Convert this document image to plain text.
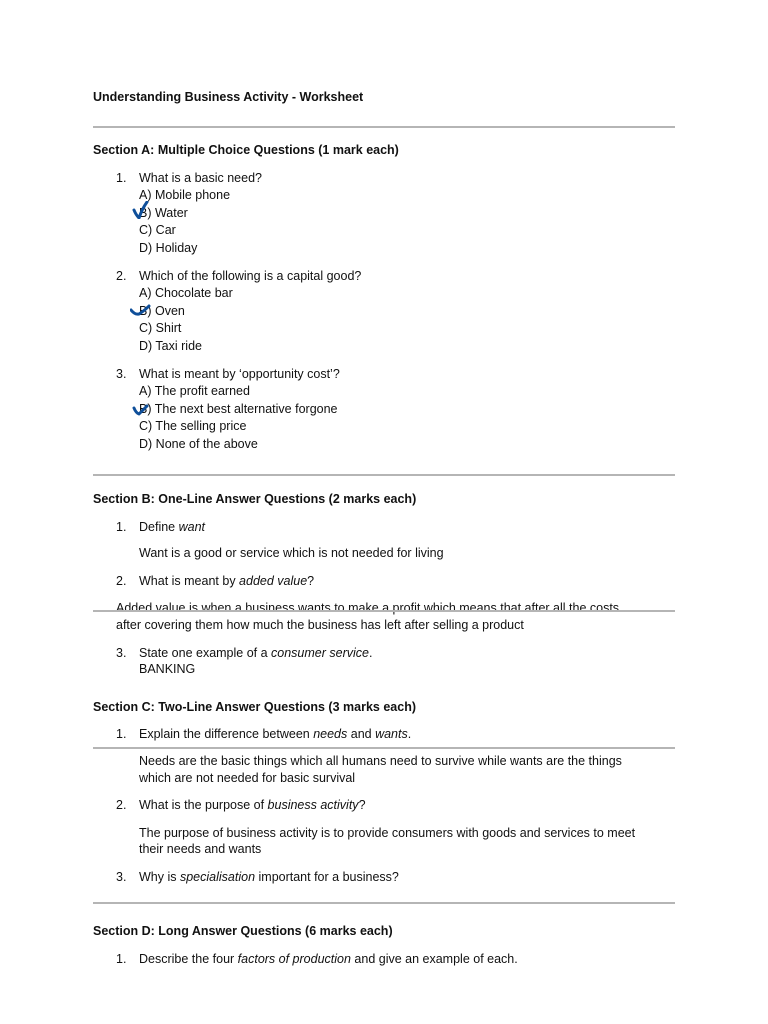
Understanding Business Activity - Worksheet
Section A: Multiple Choice Questions (1 mark each)
1. What is a basic need?
A) Mobile phone
B) Water
C) Car
D) Holiday
2. Which of the following is a capital good?
A) Chocolate bar
B) Oven
C) Shirt
D) Taxi ride
3. What is meant by ‘opportunity cost’?
A) The profit earned
B) The next best alternative forgone
C) The selling price
D) None of the above
Section B: One-Line Answer Questions (2 marks each)
1. Define want
Want is a good or service which is not needed for living
2. What is meant by added value?
Added value is when a business wants to make a profit which means that after all the costs
after covering them how much the business has left after selling a product
3. State one example of a consumer service.
BANKING
Section C: Two-Line Answer Questions (3 marks each)
1. Explain the difference between needs and wants.
Needs are the basic things which all humans need to survive while wants are the things
which are not needed for basic survival
2. What is the purpose of business activity?
The purpose of business activity is to provide consumers with goods and services to meet
their needs and wants
3. Why is specialisation important for a business?
Section D: Long Answer Questions (6 marks each)
1. Describe the four factors of production and give an example of each.
